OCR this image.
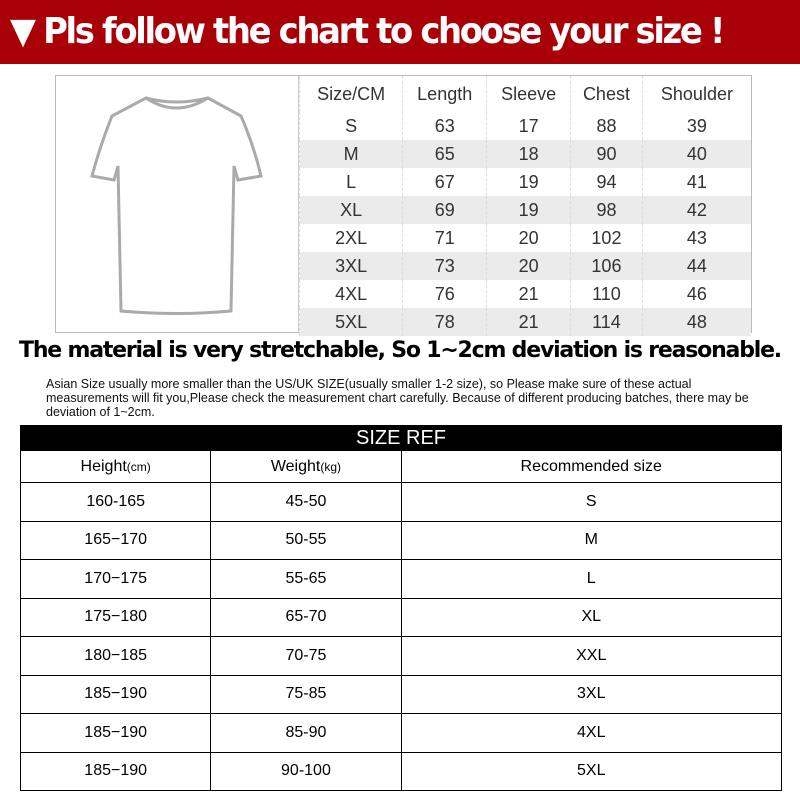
▼ Pls follow the chart to choose your size !
Size/CM	Length	Sleeve	Chest	Shoulder
S	63	17	88	39
M	65	18	90	40
L	67	19	94	41
XL	69	19	98	42
2XL	71	20	102	43
3XL	73	20	106	44
4XL	76	21	110	46
5XL	78	21	114	48
The material is very stretchable, So 1~2cm deviation is reasonable.
Asian Size usually more smaller than the US/UK SIZE(usually smaller 1-2 size), so Please make sure of these actual measurements will fit you,Please check the measurement chart carefully. Because of different producing batches, there may be deviation of 1~2cm.
SIZE REF		
Height(cm)	Weight(kg)	Recommended size
160-165	45-50	S
165−170	50-55	M
170−175	55-65	L
175−180	65-70	XL
180−185	70-75	XXL
185−190	75-85	3XL
185−190	85-90	4XL
185−190	90-100	5XL
